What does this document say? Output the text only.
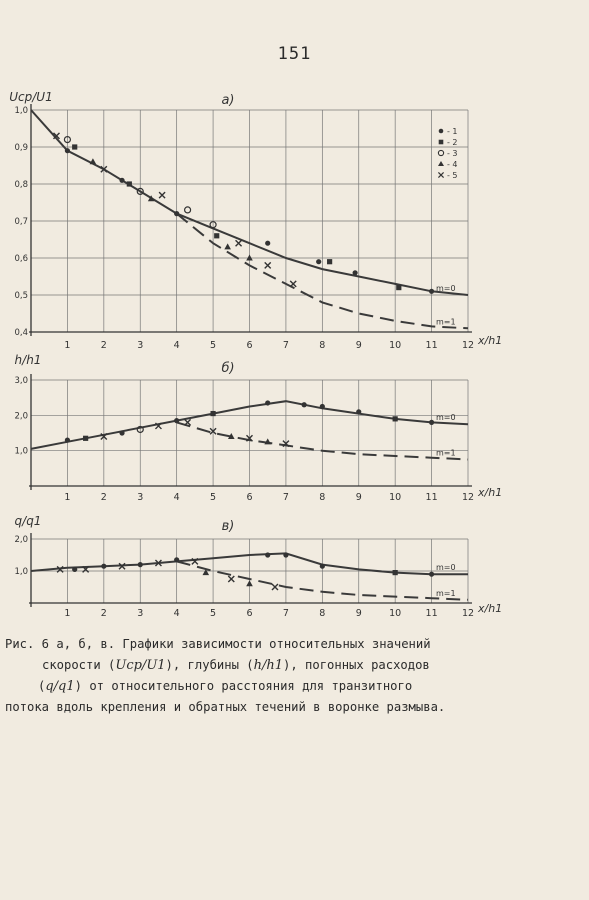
151
1	2	3	4	5	6	7	8	9	10	11	12
0,4
0,5
0,6
0,7
0,8
0,9
1,0
Ucp/U1
x/h1
а)
m=0
m=1
- 1
- 2
- 3
- 4
- 5
1	2	3	4	5	6	7	8	9	10	11	12
1,0
2,0
3,0
h/h1
x/h1
б)
m=0
m=1
1	2	3	4	5	6	7	8	9	10	11	12
1,0
2,0
q/q1
x/h1
в)
m=0
m=1
Рис. 6 а, б, в. Графики зависимости относительных значений
скорости (Ucp/U1), глубины (h/h1), погонных расходов
(q/q1) от относительного расстояния для транзитного
потока вдоль крепления и обратных течений в воронке размыва.
